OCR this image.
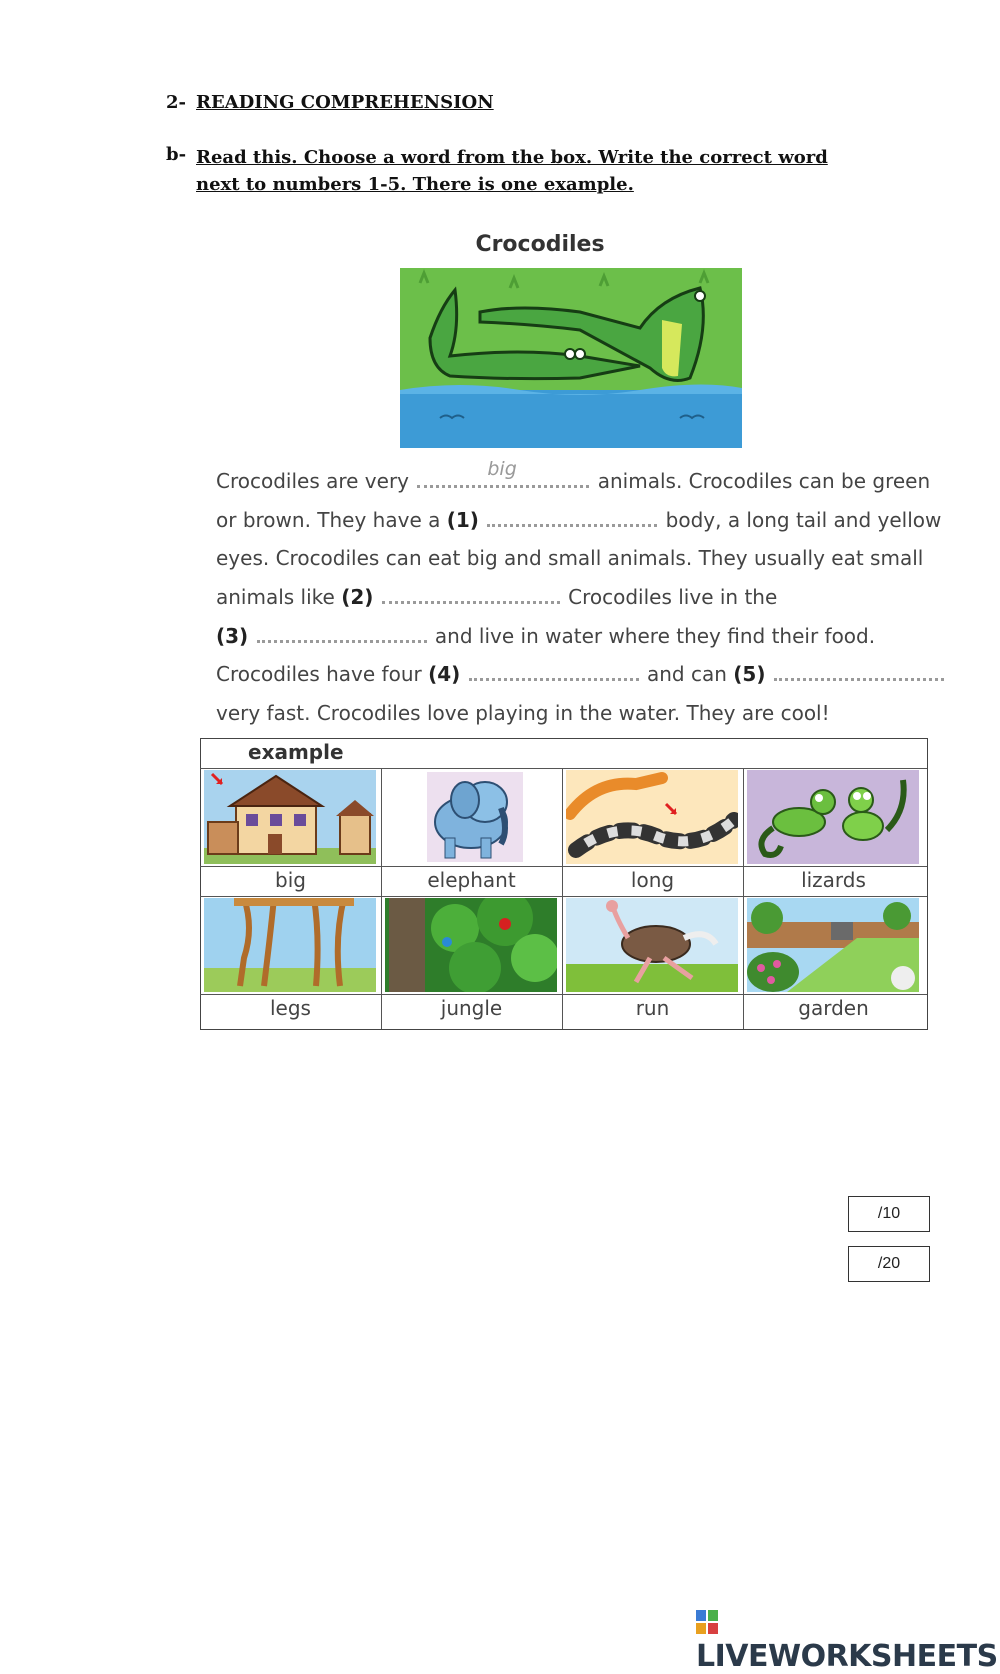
2- READING COMPREHENSION
b- Read this. Choose a word from the box. Write the correct word next to numbers 1-5. There is one example.
Crocodiles
Crocodiles are very	big	animals. Crocodiles can be green
or brown. They have a (1)	body, a long tail and yellow
eyes. Crocodiles can eat big and small animals. They usually eat small
animals like (2)	Crocodiles live in the
(3)	and live in water where they find their food.
Crocodiles have four (4)	and can (5)
very fast. Crocodiles love playing in the water. They are cool!
example
big	elephant	long	lizards
legs	jungle	run	garden
/10
/20
LIVEWORKSHEETS
